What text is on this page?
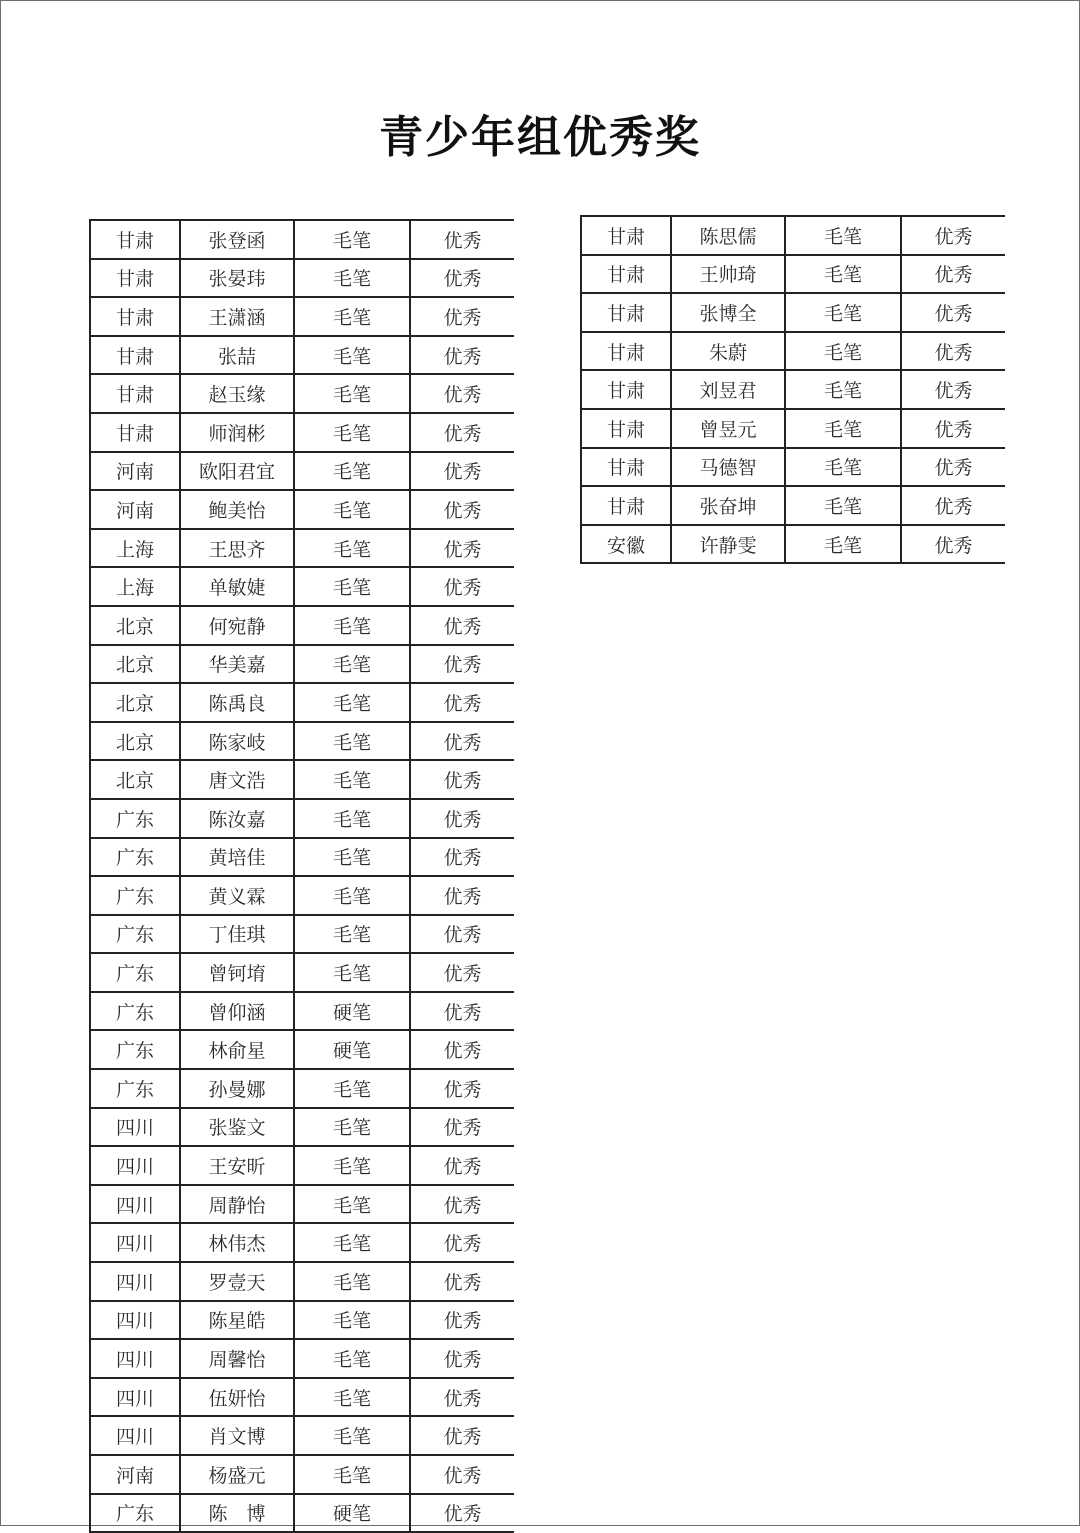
青少年组优秀奖
甘肃	张登函	毛笔	优秀
甘肃	张晏玮	毛笔	优秀
甘肃	王潇涵	毛笔	优秀
甘肃	张喆	毛笔	优秀
甘肃	赵玉缘	毛笔	优秀
甘肃	师润彬	毛笔	优秀
河南	欧阳君宜	毛笔	优秀
河南	鲍美怡	毛笔	优秀
上海	王思齐	毛笔	优秀
上海	单敏婕	毛笔	优秀
北京	何宛静	毛笔	优秀
北京	华美嘉	毛笔	优秀
北京	陈禹良	毛笔	优秀
北京	陈家岐	毛笔	优秀
北京	唐文浩	毛笔	优秀
广东	陈汝嘉	毛笔	优秀
广东	黄培佳	毛笔	优秀
广东	黄义霖	毛笔	优秀
广东	丁佳琪	毛笔	优秀
广东	曾钶堉	毛笔	优秀
广东	曾仰涵	硬笔	优秀
广东	林俞星	硬笔	优秀
广东	孙曼娜	毛笔	优秀
四川	张鉴文	毛笔	优秀
四川	王安昕	毛笔	优秀
四川	周静怡	毛笔	优秀
四川	林伟杰	毛笔	优秀
四川	罗壹天	毛笔	优秀
四川	陈星皓	毛笔	优秀
四川	周馨怡	毛笔	优秀
四川	伍妍怡	毛笔	优秀
四川	肖文博	毛笔	优秀
河南	杨盛元	毛笔	优秀
广东	陈　博	硬笔	优秀
甘肃	陈思儒	毛笔	优秀
甘肃	王帅琦	毛笔	优秀
甘肃	张博全	毛笔	优秀
甘肃	朱蔚	毛笔	优秀
甘肃	刘昱君	毛笔	优秀
甘肃	曾昱元	毛笔	优秀
甘肃	马德智	毛笔	优秀
甘肃	张奋坤	毛笔	优秀
安徽	许静雯	毛笔	优秀
